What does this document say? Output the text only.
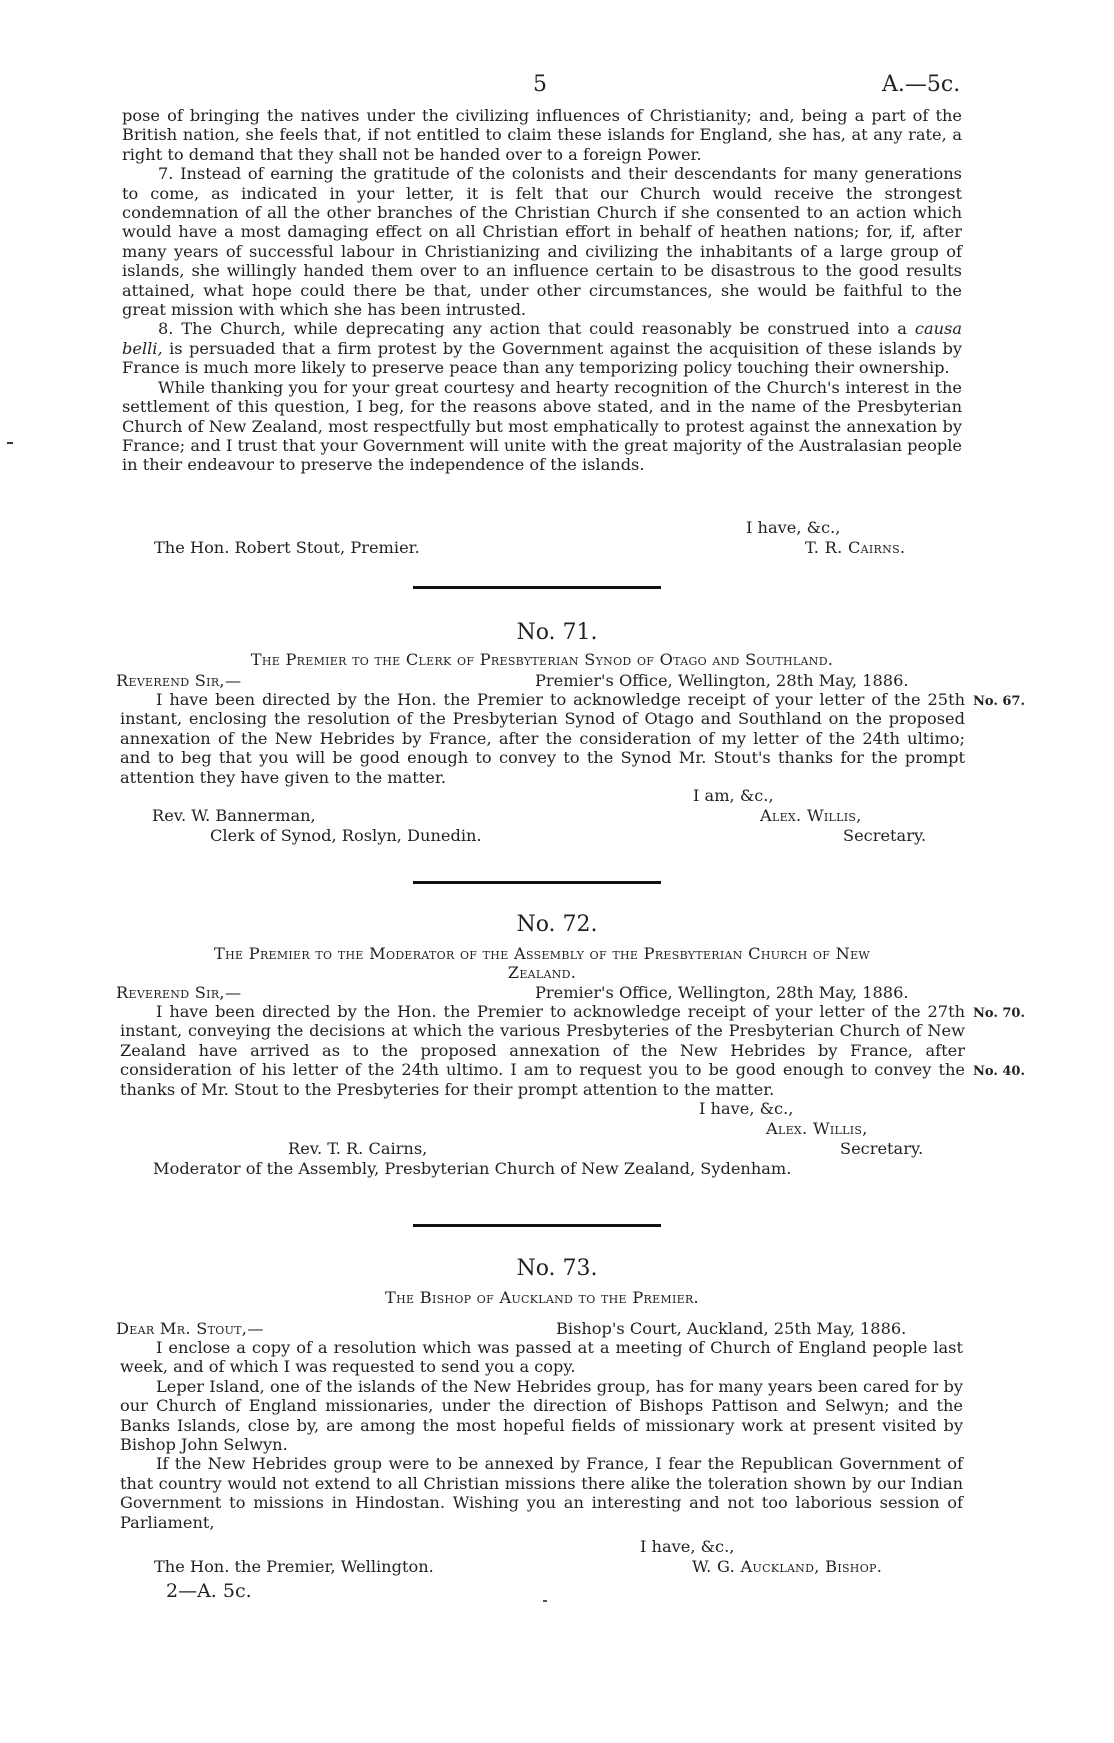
5	A.—5c.

pose of bringing the natives under the civilizing influences of Christianity; and, being a part of the British nation, she feels that, if not entitled to claim these islands for England, she has, at any rate, a right to demand that they shall not be handed over to a foreign Power.

7. Instead of earning the gratitude of the colonists and their descendants for many generations to come, as indicated in your letter, it is felt that our Church would receive the strongest condemnation of all the other branches of the Christian Church if she consented to an action which would have a most damaging effect on all Christian effort in behalf of heathen nations; for, if, after many years of successful labour in Christianizing and civilizing the inhabitants of a large group of islands, she willingly handed them over to an influence certain to be disastrous to the good results attained, what hope could there be that, under other circumstances, she would be faithful to the great mission with which she has been intrusted.

8. The Church, while deprecating any action that could reasonably be construed into a causa belli, is persuaded that a firm protest by the Government against the acquisition of these islands by France is much more likely to preserve peace than any temporizing policy touching their ownership.

While thanking you for your great courtesy and hearty recognition of the Church's interest in the settlement of this question, I beg, for the reasons above stated, and in the name of the Presbyterian Church of New Zealand, most respectfully but most emphatically to protest against the annexation by France; and I trust that your Government will unite with the great majority of the Australasian people in their endeavour to preserve the independence of the islands.

I have, &c.,
The Hon. Robert Stout, Premier.	T. R. Cairns.
No. 71.
The Premier to the Clerk of Presbyterian Synod of Otago and Southland.
Reverend Sir,—	Premier's Office, Wellington, 28th May, 1886.

I have been directed by the Hon. the Premier to acknowledge receipt of your letter of the 25th instant, enclosing the resolution of the Presbyterian Synod of Otago and Southland on the proposed annexation of the New Hebrides by France, after the consideration of my letter of the 24th ultimo; and to beg that you will be good enough to convey to the Synod Mr. Stout's thanks for the prompt attention they have given to the matter.

No. 67.
I am, &c.,
Rev. W. Bannerman,	Alex. Willis,
Clerk of Synod, Roslyn, Dunedin.	Secretary.
No. 72.
The Premier to the Moderator of the Assembly of the Presbyterian Church of New
Zealand.
Reverend Sir,—	Premier's Office, Wellington, 28th May, 1886.

I have been directed by the Hon. the Premier to acknowledge receipt of your letter of the 27th instant, conveying the decisions at which the various Presbyteries of the Presbyterian Church of New Zealand have arrived as to the proposed annexation of the New Hebrides by France, after consideration of his letter of the 24th ultimo. I am to request you to be good enough to convey the thanks of Mr. Stout to the Presbyteries for their prompt attention to the matter.

No. 70.
No. 40.
I have, &c.,
Alex. Willis,
Rev. T. R. Cairns,	Secretary.
Moderator of the Assembly, Presbyterian Church of New Zealand, Sydenham.
No. 73.
The Bishop of Auckland to the Premier.
Dear Mr. Stout,—	Bishop's Court, Auckland, 25th May, 1886.

I enclose a copy of a resolution which was passed at a meeting of Church of England people last week, and of which I was requested to send you a copy.

Leper Island, one of the islands of the New Hebrides group, has for many years been cared for by our Church of England missionaries, under the direction of Bishops Pattison and Selwyn; and the Banks Islands, close by, are among the most hopeful fields of missionary work at present visited by Bishop John Selwyn.

If the New Hebrides group were to be annexed by France, I fear the Republican Government of that country would not extend to all Christian missions there alike the toleration shown by our Indian Government to missions in Hindostan. Wishing you an interesting and not too laborious session of Parliament,

I have, &c.,
The Hon. the Premier, Wellington.	W. G. Auckland, Bishop.
2—A. 5c.
